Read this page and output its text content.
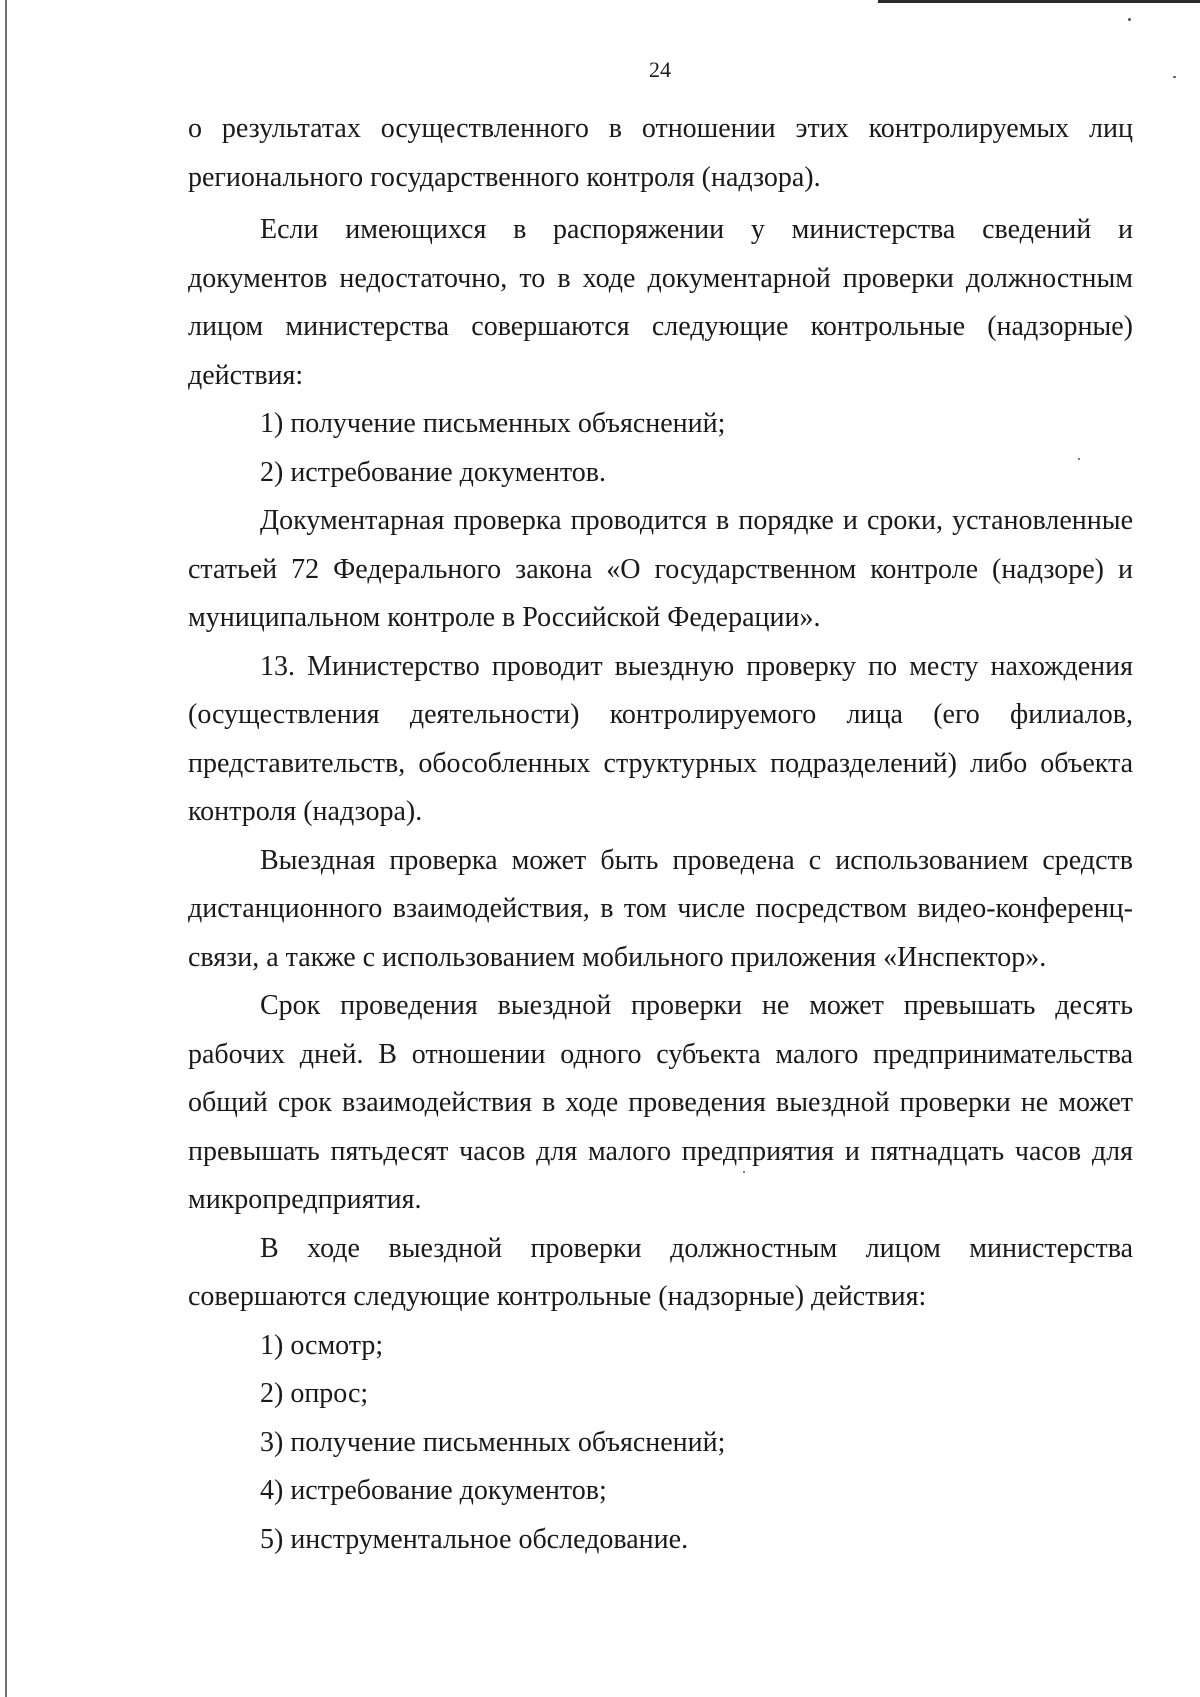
24

о результатах осуществленного в отношении этих контролируемых лиц регионального государственного контроля (надзора).

Если имеющихся в распоряжении у министерства сведений и документов недостаточно, то в ходе документарной проверки должностным лицом министерства совершаются следующие контрольные (надзорные) действия:

1) получение письменных объяснений;

2) истребование документов.

Документарная проверка проводится в порядке и сроки, установленные статьей 72 Федерального закона «О государственном контроле (надзоре) и муниципальном контроле в Российской Федерации».

13. Министерство проводит выездную проверку по месту нахождения (осуществления деятельности) контролируемого лица (его филиалов, представительств, обособленных структурных подразделений) либо объекта контроля (надзора).

Выездная проверка может быть проведена с использованием средств дистанционного взаимодействия, в том числе посредством видео-конференц-связи, а также с использованием мобильного приложения «Инспектор».

Срок проведения выездной проверки не может превышать десять рабочих дней. В отношении одного субъекта малого предпринимательства общий срок взаимодействия в ходе проведения выездной проверки не может превышать пятьдесят часов для малого предприятия и пятнадцать часов для микропредприятия.

В ходе выездной проверки должностным лицом министерства совершаются следующие контрольные (надзорные) действия:

1) осмотр;

2) опрос;

3) получение письменных объяснений;

4) истребование документов;

5) инструментальное обследование.
